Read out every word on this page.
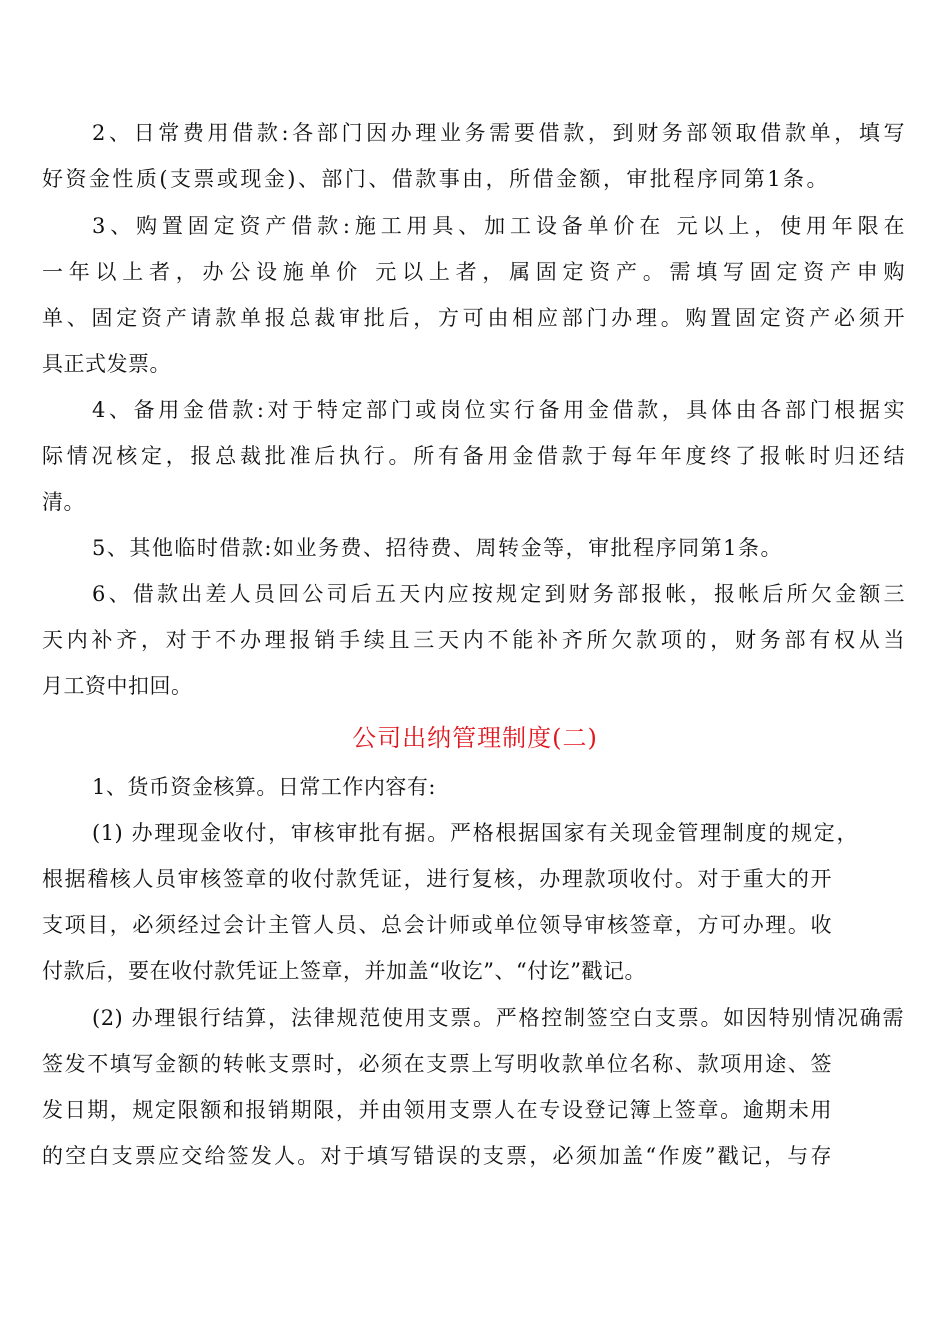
2、日常费用借款:各部门因办理业务需要借款，到财务部领取借款单，填写
好资金性质(支票或现金)、部门、借款事由，所借金额，审批程序同第1条。
3、购置固定资产借款:施工用具、加工设备单价在 元以上，使用年限在
一年以上者，办公设施单价 元以上者，属固定资产。需填写固定资产申购
单、固定资产请款单报总裁审批后，方可由相应部门办理。购置固定资产必须开
具正式发票。
4、备用金借款:对于特定部门或岗位实行备用金借款，具体由各部门根据实
际情况核定，报总裁批准后执行。所有备用金借款于每年年度终了报帐时归还结
清。
5、其他临时借款:如业务费、招待费、周转金等，审批程序同第1条。
6、借款出差人员回公司后五天内应按规定到财务部报帐，报帐后所欠金额三
天内补齐，对于不办理报销手续且三天内不能补齐所欠款项的，财务部有权从当
月工资中扣回。
公司出纳管理制度(二)
1、货币资金核算。日常工作内容有:
(1) 办理现金收付，审核审批有据。严格根据国家有关现金管理制度的规定，
根据稽核人员审核签章的收付款凭证，进行复核，办理款项收付。对于重大的开
支项目，必须经过会计主管人员、总会计师或单位领导审核签章，方可办理。收
付款后，要在收付款凭证上签章，并加盖“收讫”、“付讫”戳记。
(2) 办理银行结算，法律规范使用支票。严格控制签空白支票。如因特别情况确需
签发不填写金额的转帐支票时，必须在支票上写明收款单位名称、款项用途、签
发日期，规定限额和报销期限，并由领用支票人在专设登记簿上签章。逾期未用
的空白支票应交给签发人。对于填写错误的支票，必须加盖“作废”戳记，与存
